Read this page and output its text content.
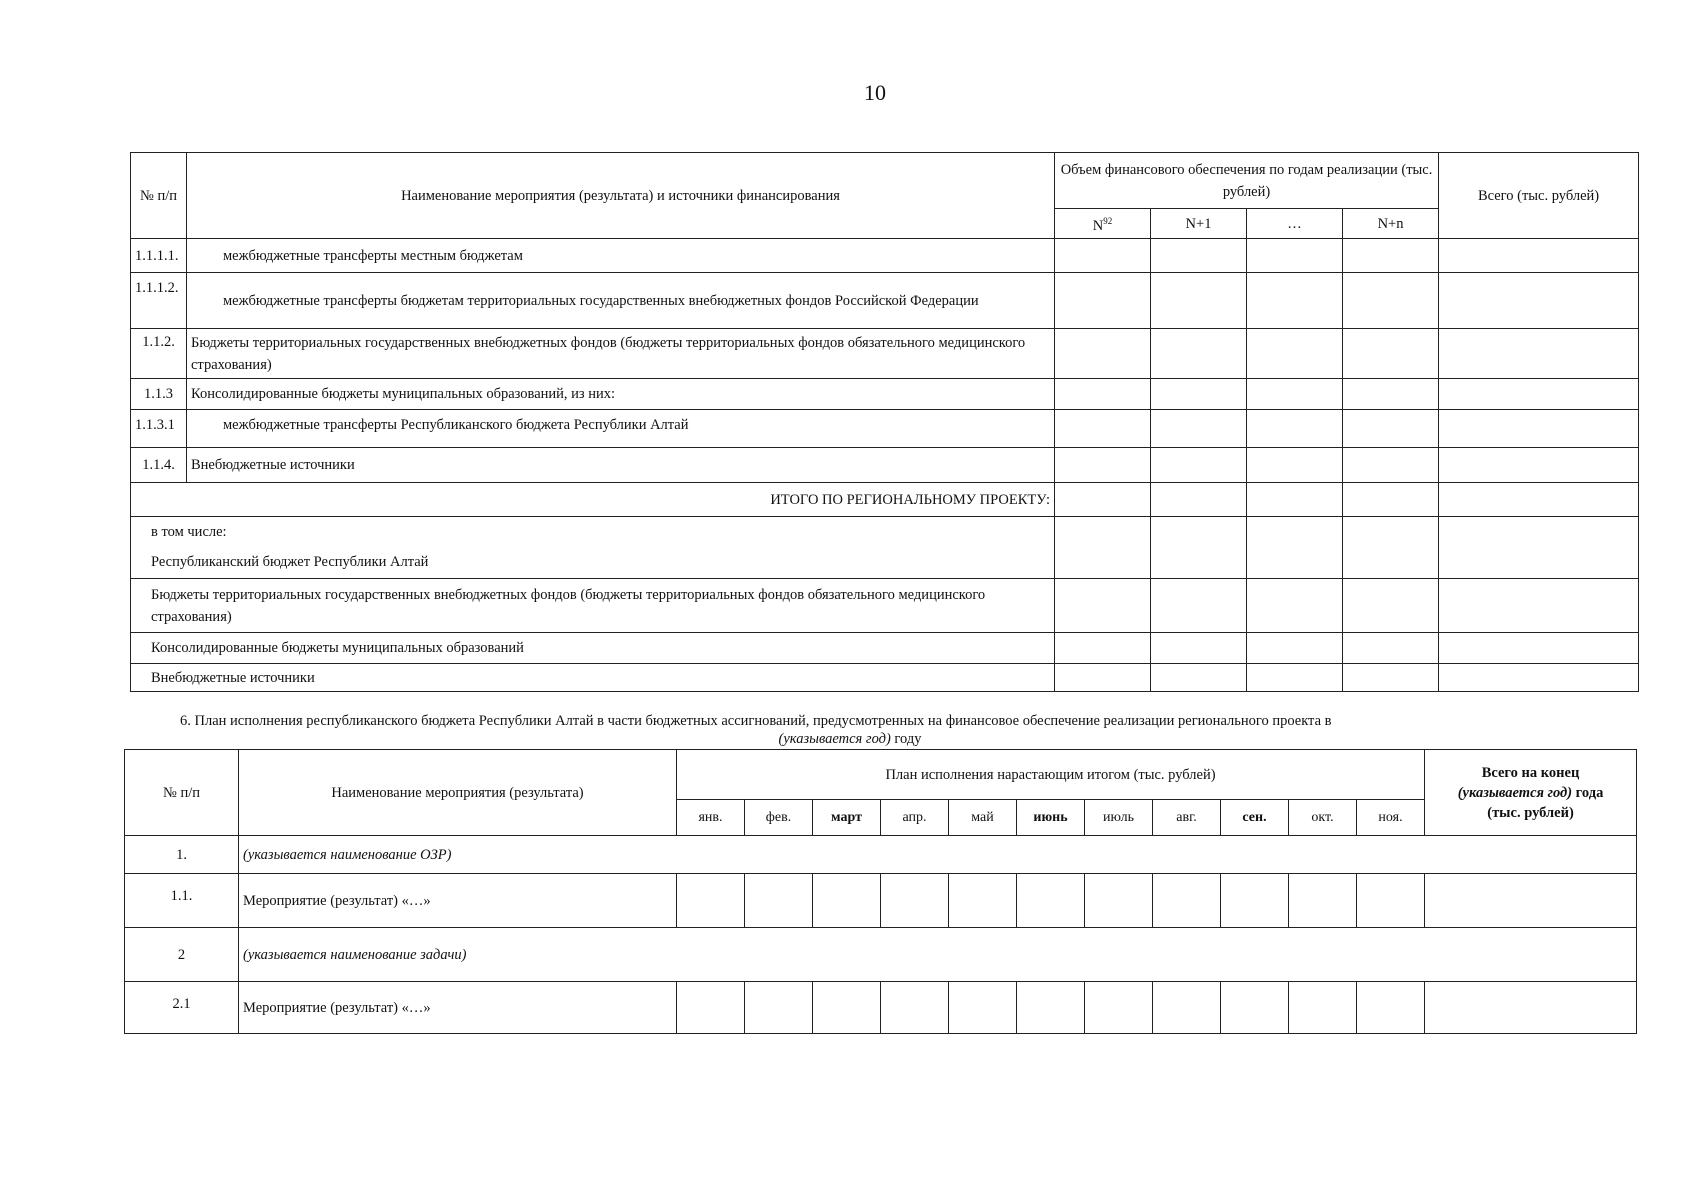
10
№ п/п	Наименование мероприятия (результата) и источники финансирования	Объем финансового обеспечения по годам реализации (тыс. рублей)				Всего (тыс. рублей)
		$N^{92}$	N+1	…	N+n	
1.1.1.1.	межбюджетные трансферты местным бюджетам					
1.1.1.2.	межбюджетные трансферты бюджетам территориальных государственных внебюджетных фондов Российской Федерации					
1.1.2.	Бюджеты территориальных государственных внебюджетных фондов (бюджеты территориальных фондов обязательного медицинского страхования)					
1.1.3	Консолидированные бюджеты муниципальных образований, из них:					
1.1.3.1	межбюджетные трансферты Республиканского бюджета Республики Алтай					
1.1.4.	Внебюджетные источники					
ИТОГО ПО РЕГИОНАЛЬНОМУ ПРОЕКТУ:						

в том числе:
Республиканский бюджет Республики Алтай						

Бюджеты территориальных государственных внебюджетных фондов (бюджеты территориальных фондов обязательного медицинского страхования)						
Консолидированные бюджеты муниципальных образований						
Внебюджетные источники						
6. План исполнения республиканского бюджета Республики Алтай в части бюджетных ассигнований, предусмотренных на финансовое обеспечение реализации регионального проекта в
(указывается год) году
№ п/п	Наименование мероприятия (результата)	План исполнения нарастающим итогом (тыс. рублей)											Всего на конец
(указывается год) года
(тыс. рублей)
		янв.	фев.	март	апр.	май	июнь	июль	авг.	сен.	окт.	ноя.	
1.	(указывается наименование ОЗР)												
1.1.	Мероприятие (результат) «…»												
2	(указывается наименование задачи)												
2.1	Мероприятие (результат) «…»												
